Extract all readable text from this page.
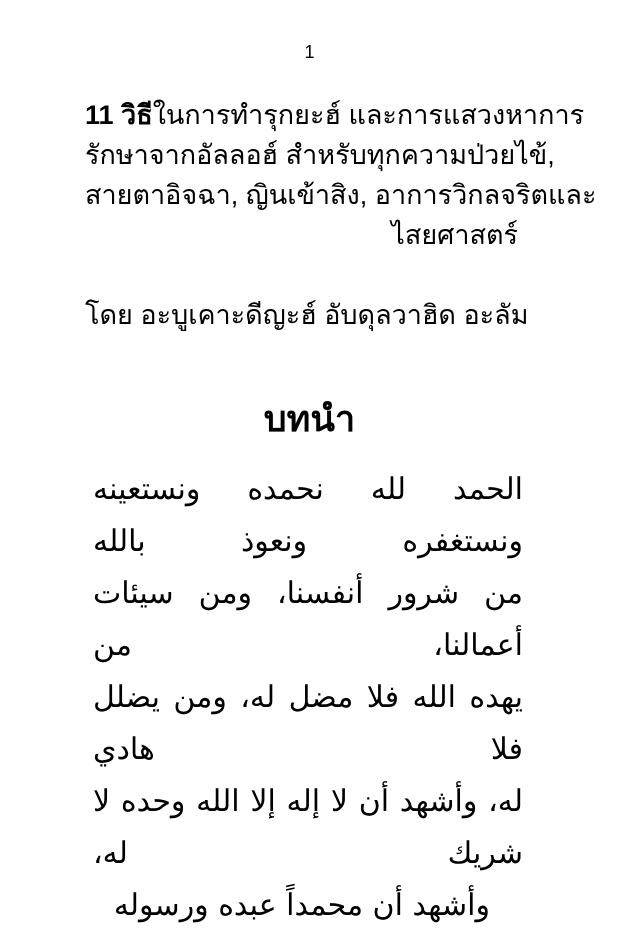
1
11 วิธีในการทำรุกยะฮ์ และการแสวงหาการ
รักษาจากอัลลอฮ์ สำหรับทุกความป่วยไข้,
สายตาอิจฉา, ญินเข้าสิง, อาการวิกลจริตและ
ไสยศาสตร์
โดย อะบูเคาะดีญะฮ์ อับดุลวาฮิด อะลัม
บทนำ
الحمد لله نحمده ونستعينه ونستغفره ونعوذ بالله
من شرور أنفسنا، ومن سيئات أعمالنا، من
يهده الله فلا مضل له، ومن يضلل فلا هادي
له، وأشهد أن لا إله إلا الله وحده لا شريك له،
وأشهد أن محمداً عبده ورسوله
